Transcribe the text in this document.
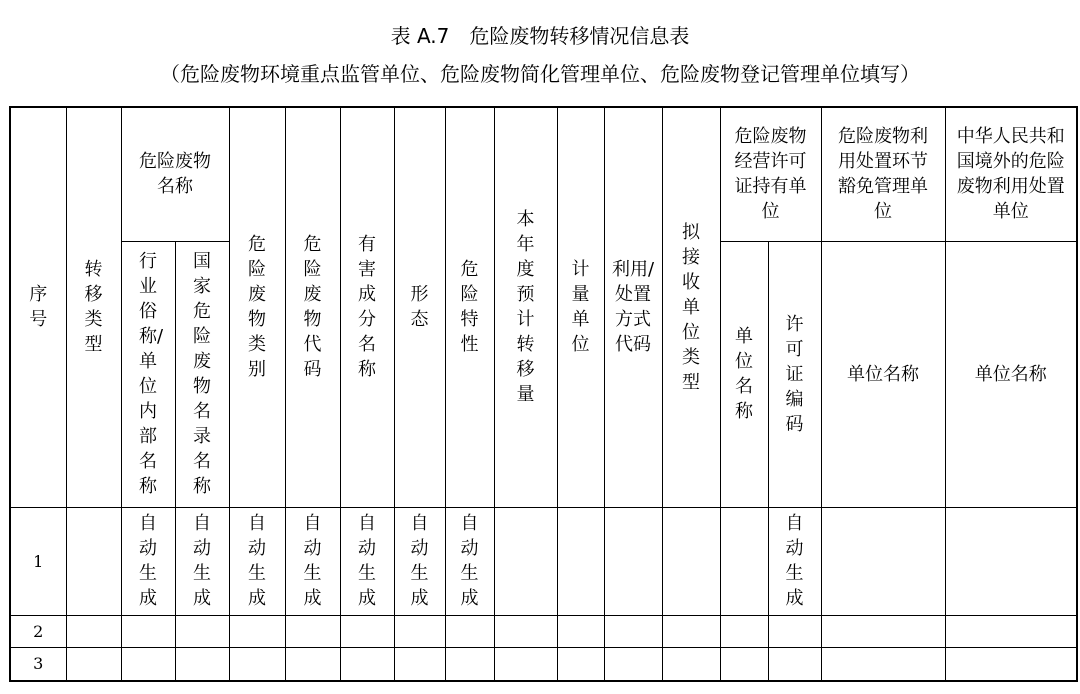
表 A.7　危险废物转移情况信息表
（危险废物环境重点监管单位、危险废物简化管理单位、危险废物登记管理单位填写）
序号	转移类型	危险废物名称		危险废物类别	危险废物代码	有害成分名称	形态	危险特性	本年度预计转移量	计量单位	利用/处置方式代码	拟接收单位类型	危险废物经营许可证持有单位		危险废物利用处置环节豁免管理单位	中华人民共和国境外的危险废物利用处置单位

		行业俗称/单位内部名称	国家危险废物名录名称										单位名称	许可证编码	单位名称	单位名称

1		自动生成	自动生成	自动生成	自动生成	自动生成	自动生成	自动生成						自动生成		

2																
3																
